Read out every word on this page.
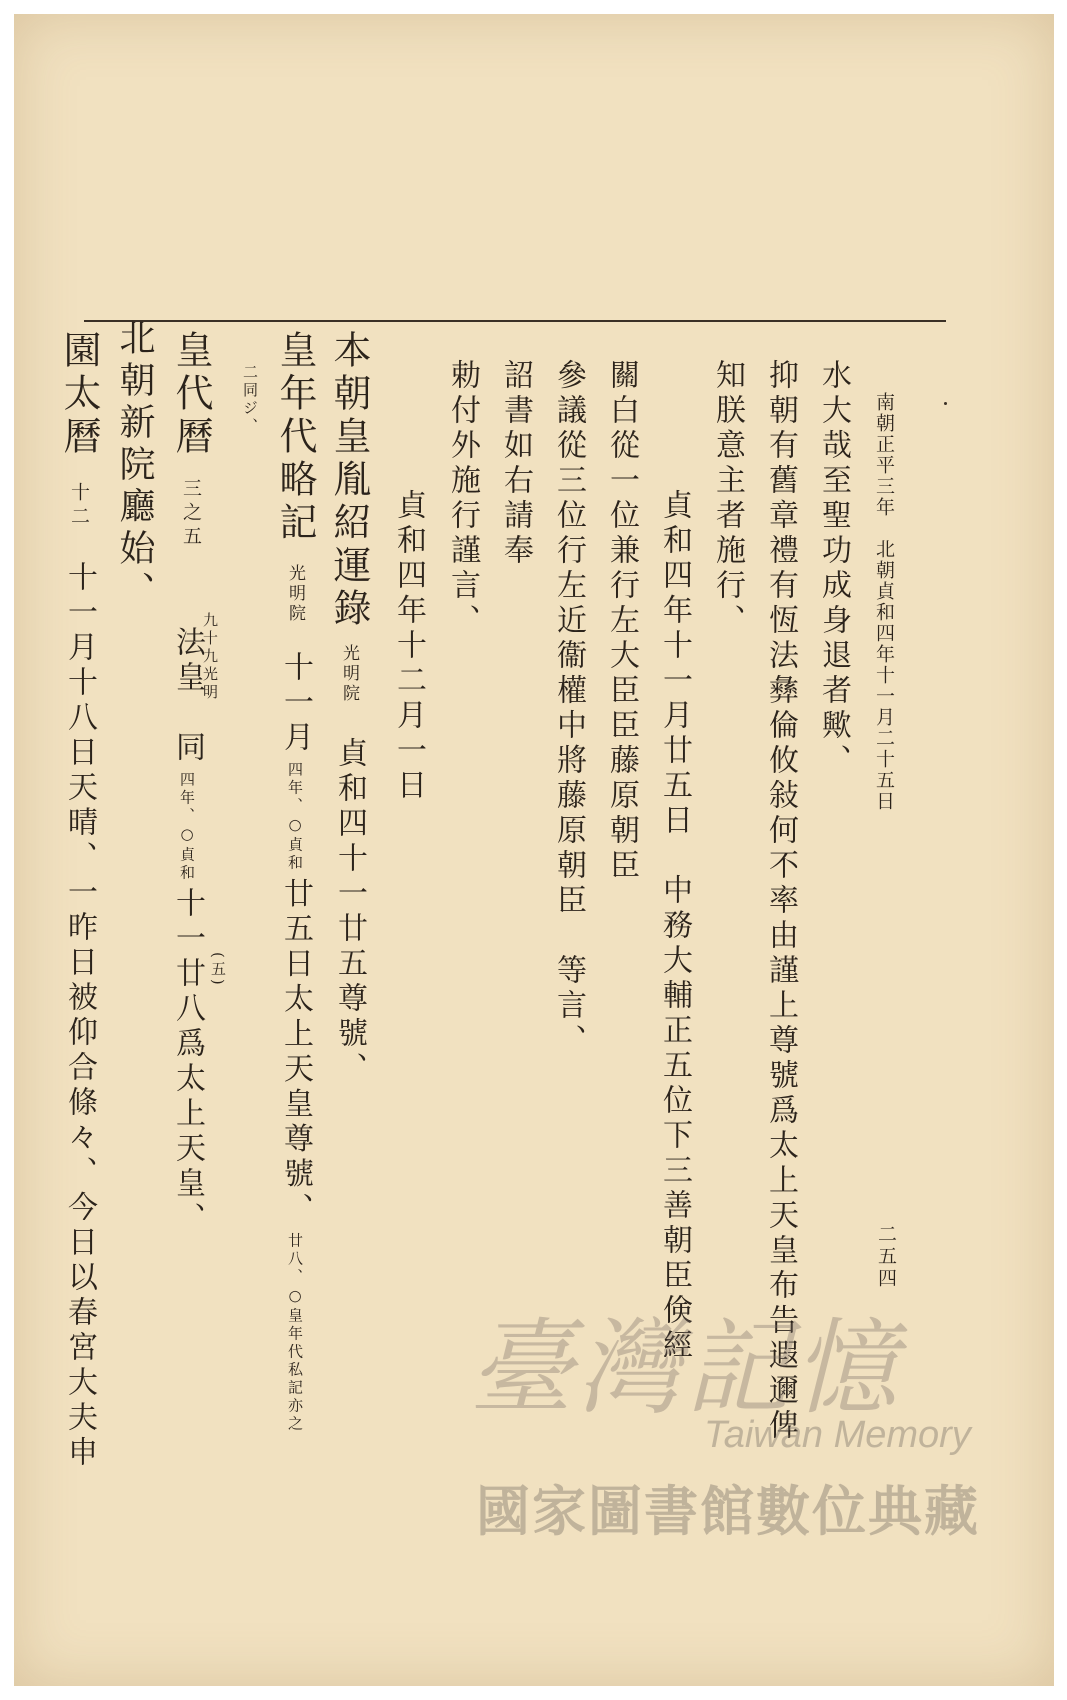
南朝正平三年　北朝貞和四年十一月二十五日
二五四
水大哉至聖功成身退者歟、
抑朝有舊章禮有恆法彝倫攸敍何不率由謹上尊號爲太上天皇布告遐邇俾
知朕意主者施行、
貞和四年十一月廿五日　中務大輔正五位下三善朝臣倹經
關白從一位兼行左大臣臣藤原朝臣
參議從三位行左近衞權中將藤原朝臣　等言、
詔書如右請奉
勅付外施行謹言、
貞和四年十二月一日
本朝皇胤紹運錄 光明院 貞和四十一廿五尊號、
皇年代略記 光明院 十一月 四年、○貞和 廿五日太上天皇尊號、 廿八、○皇年代私記亦之
二同ジ、
皇代曆 三之五
九十九光明
法皇　同 四年、○貞和 十一廿八爲太上天皇、 (五)
北朝新院廳始、
園太曆 十二 十一月十八日天晴、一昨日被仰合條々、今日以春宮大夫申	臺灣記憶
Taiwan Memory
國家圖書館數位典藏
